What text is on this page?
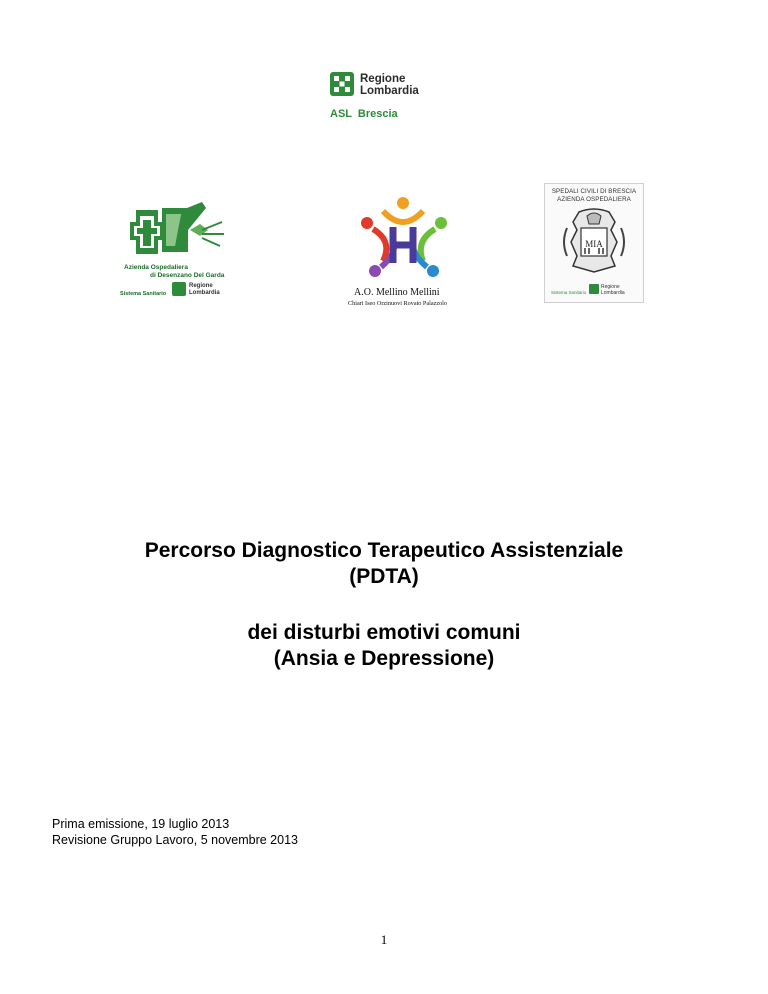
Regione
Lombardia
ASL Brescia
Azienda Ospedaliera
di Desenzano Del Garda
Sistema Sanitario
Regione
Lombardia	A.O. Mellino Mellini
Chiari Iseo Orzinuovi Rovato Palazzolo
SPEDALI CIVILI DI BRESCIA
AZIENDA OSPEDALIERA
MIA
Sistema Sanitario
Regione
Lombardia
Percorso Diagnostico Terapeutico Assistenziale
(PDTA)
dei disturbi emotivi comuni
(Ansia e Depressione)
Prima emissione, 19 luglio 2013
Revisione Gruppo Lavoro, 5 novembre 2013
1
